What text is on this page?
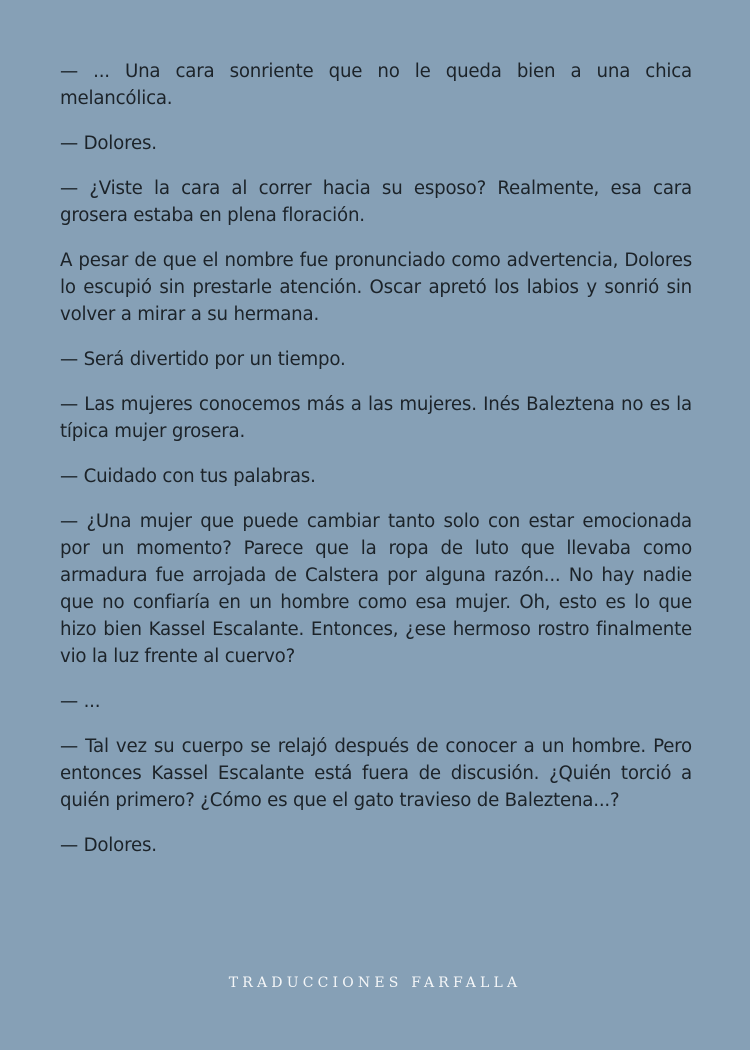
— ... Una cara sonriente que no le queda bien a una chica melancólica.

— Dolores.

— ¿Viste la cara al correr hacia su esposo? Realmente, esa cara grosera estaba en plena floración.

A pesar de que el nombre fue pronunciado como advertencia, Dolores lo escupió sin prestarle atención. Oscar apretó los labios y sonrió sin volver a mirar a su hermana.

— Será divertido por un tiempo.

— Las mujeres conocemos más a las mujeres. Inés Baleztena no es la típica mujer grosera.

— Cuidado con tus palabras.

— ¿Una mujer que puede cambiar tanto solo con estar emocionada por un momento? Parece que la ropa de luto que llevaba como armadura fue arrojada de Calstera por alguna razón... No hay nadie que no confiaría en un hombre como esa mujer. Oh, esto es lo que hizo bien Kassel Escalante. Entonces, ¿ese hermoso rostro finalmente vio la luz frente al cuervo?

— ...

— Tal vez su cuerpo se relajó después de conocer a un hombre. Pero entonces Kassel Escalante está fuera de discusión. ¿Quién torció a quién primero? ¿Cómo es que el gato travieso de Baleztena...?

— Dolores.

TRADUCCIONES FARFALLA
